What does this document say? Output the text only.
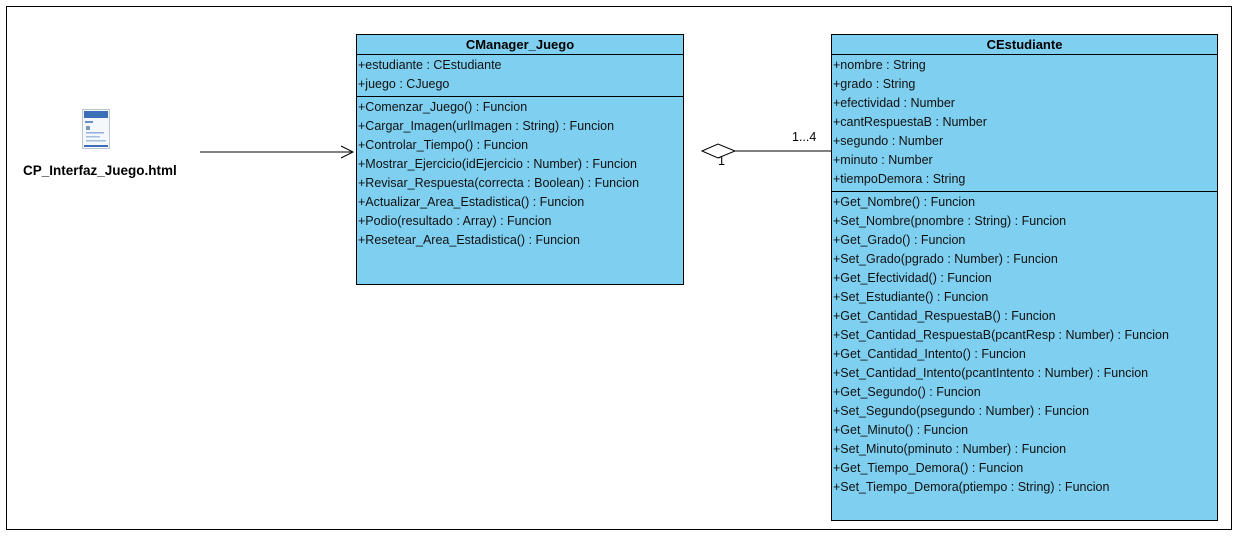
CP_Interfaz_Juego.html
CManager_Juego
+estudiante : CEstudiante
+juego : CJuego
+Comenzar_Juego() : Funcion
+Cargar_Imagen(urlImagen : String) : Funcion
+Controlar_Tiempo() : Funcion
+Mostrar_Ejercicio(idEjercicio : Number) : Funcion
+Revisar_Respuesta(correcta : Boolean) : Funcion
+Actualizar_Area_Estadistica() : Funcion
+Podio(resultado : Array) : Funcion
+Resetear_Area_Estadistica() : Funcion
CEstudiante
+nombre : String
+grado : String
+efectividad : Number
+cantRespuestaB : Number
+segundo : Number
+minuto : Number
+tiempoDemora : String
+Get_Nombre() : Funcion
+Set_Nombre(pnombre : String) : Funcion
+Get_Grado() : Funcion
+Set_Grado(pgrado : Number) : Funcion
+Get_Efectividad() : Funcion
+Set_Estudiante() : Funcion
+Get_Cantidad_RespuestaB() : Funcion
+Set_Cantidad_RespuestaB(pcantResp : Number) : Funcion
+Get_Cantidad_Intento() : Funcion
+Set_Cantidad_Intento(pcantIntento : Number) : Funcion
+Get_Segundo() : Funcion
+Set_Segundo(psegundo : Number) : Funcion
+Get_Minuto() : Funcion
+Set_Minuto(pminuto : Number) : Funcion
+Get_Tiempo_Demora() : Funcion
+Set_Tiempo_Demora(ptiempo : String) : Funcion
1...4
1
